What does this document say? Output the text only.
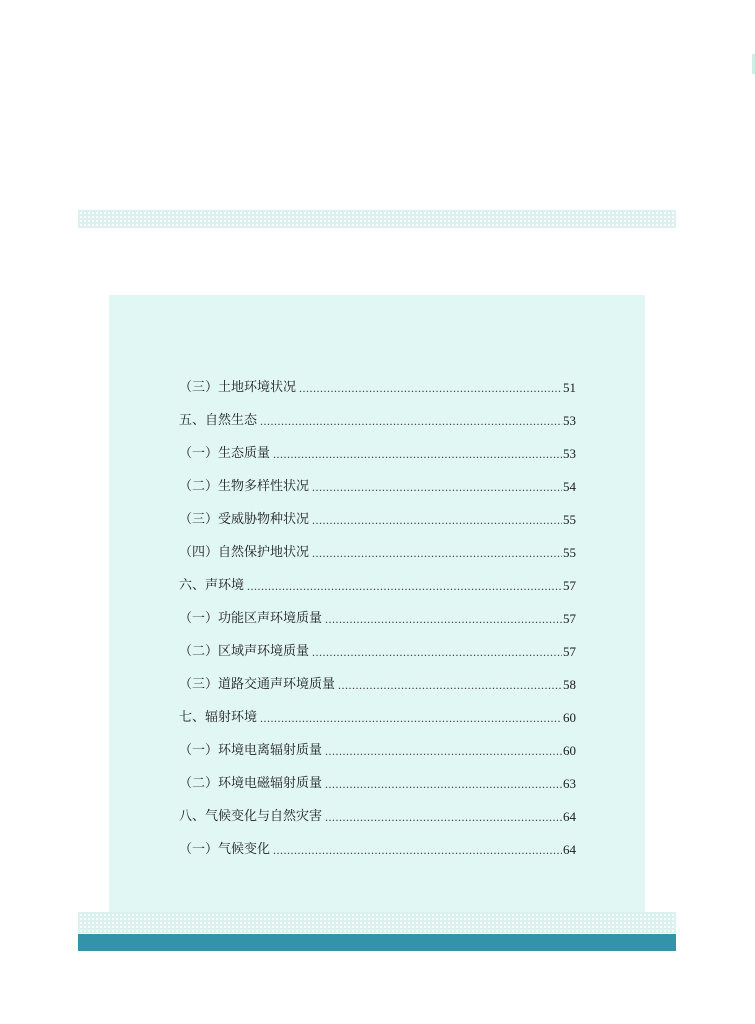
（三）土地环境状况 .....	51
五、自然生态 .....	53
（一）生态质量 .....	53
（二）生物多样性状况 .....	54
（三）受威胁物种状况 .....	55
（四）自然保护地状况 .....	55
六、声环境 .....	57
（一）功能区声环境质量 .....	57
（二）区域声环境质量 .....	57
（三）道路交通声环境质量 .....	58
七、辐射环境 .....	60
（一）环境电离辐射质量 .....	60
（二）环境电磁辐射质量 .....	63
八、气候变化与自然灾害 .....	64
（一）气候变化 .....	64
